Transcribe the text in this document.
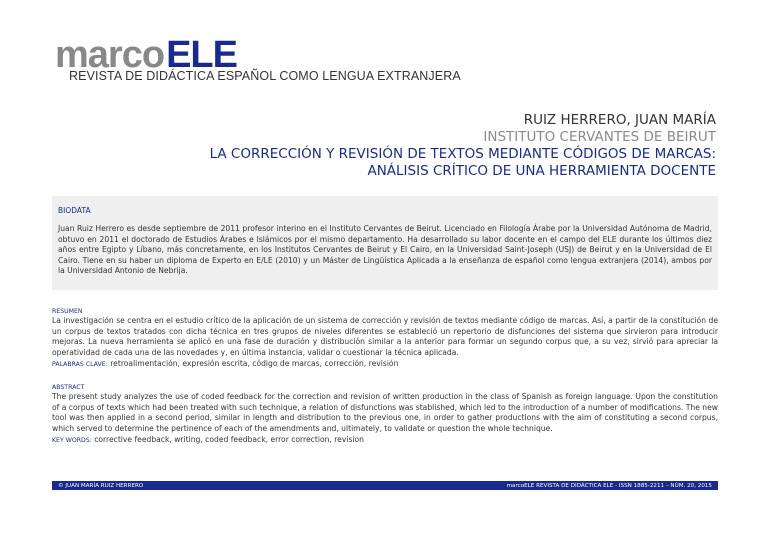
marco ELE
REVISTA DE DIDÁCTICA ESPAÑOL COMO LENGUA EXTRANJERA
RUIZ HERRERO, JUAN MARÍA
INSTITUTO CERVANTES DE BEIRUT
LA CORRECCIÓN Y REVISIÓN DE TEXTOS MEDIANTE CÓDIGOS DE MARCAS:
ANÁLISIS CRÍTICO DE UNA HERRAMIENTA DOCENTE
BIODATA

Juan Ruiz Herrero es desde septiembre de 2011 profesor interino en el Instituto Cervantes de Beirut. Licenciado en Filología Árabe por la Universidad Autónoma de Madrid, obtuvo en 2011 el doctorado de Estudios Árabes e Islámicos por el mismo departamento. Ha desarrollado su labor docente en el campo del ELE durante los últimos diez años entre Egipto y Líbano, más concretamente, en los Institutos Cervantes de Beirut y El Cairo, en la Universidad Saint-Joseph (USJ) de Beirut y en la Universidad de El Cairo. Tiene en su haber un diploma de Experto en E/LE (2010) y un Máster de Lingüística Aplicada a la enseñanza de español como lengua extranjera (2014), ambos por la Universidad Antonio de Nebrija.

RESUMEN

La investigación se centra en el estudio crítico de la aplicación de un sistema de corrección y revisión de textos mediante código de marcas. Así, a partir de la constitución de un corpus de textos tratados con dicha técnica en tres grupos de niveles diferentes se estableció un repertorio de disfunciones del sistema que sirvieron para introducir mejoras. La nueva herramienta se aplicó en una fase de duración y distribución similar a la anterior para formar un segundo corpus que, a su vez, sirvió para apreciar la operatividad de cada una de las novedades y, en última instancia, validar o cuestionar la técnica aplicada.

PALABRAS CLAVE: retroalimentación, expresión escrita, código de marcas, corrección, revisión
ABSTRACT

The present study analyzes the use of coded feedback for the correction and revision of written production in the class of Spanish as foreign language. Upon the constitution of a corpus of texts which had been treated with such technique, a relation of disfunctions was stablished, which led to the introduction of a number of modifications. The new tool was then applied in a second period, similar in length and distribution to the previous one, in order to gather productions with the aim of constituting a second corpus, which served to determine the pertinence of each of the amendments and, ultimately, to validate or question the whole technique.

KEY WORDS: corrective feedback, writing, coded feedback, error correction, revision
© JUAN MARÍA RUIZ HERRERO	marcoELE REVISTA DE DIDÁCTICA ELE - ISSN 1885-2211 – NÚM. 20, 2015
